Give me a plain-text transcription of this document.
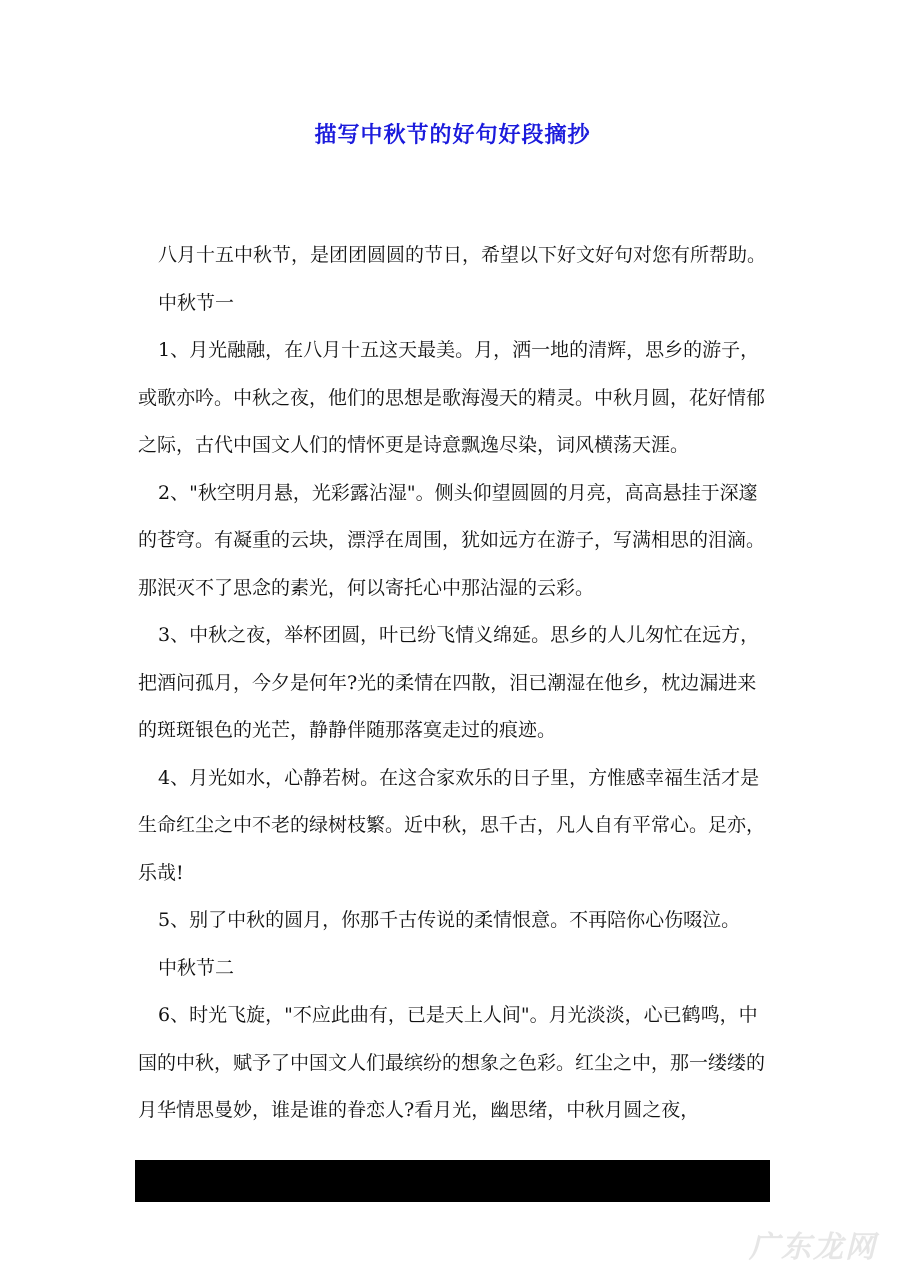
描写中秋节的好句好段摘抄

八月十五中秋节，是团团圆圆的节日，希望以下好文好句对您有所帮助。

中秋节一

1、月光融融，在八月十五这天最美。月，洒一地的清辉，思乡的游子，或歌亦吟。中秋之夜，他们的思想是歌海漫天的精灵。中秋月圆，花好情郁之际，古代中国文人们的情怀更是诗意飘逸尽染，词风横荡天涯。

2、"秋空明月悬，光彩露沾湿"。侧头仰望圆圆的月亮，高高悬挂于深邃的苍穹。有凝重的云块，漂浮在周围，犹如远方在游子，写满相思的泪滴。那泯灭不了思念的素光，何以寄托心中那沾湿的云彩。

3、中秋之夜，举杯团圆，叶已纷飞情义绵延。思乡的人儿匆忙在远方，把酒问孤月，今夕是何年?光的柔情在四散，泪已潮湿在他乡，枕边漏进来的斑斑银色的光芒，静静伴随那落寞走过的痕迹。

4、月光如水，心静若树。在这合家欢乐的日子里，方惟感幸福生活才是生命红尘之中不老的绿树枝繁。近中秋，思千古，凡人自有平常心。足亦，乐哉!

5、别了中秋的圆月，你那千古传说的柔情恨意。不再陪你心伤啜泣。

中秋节二

6、时光飞旋，"不应此曲有，已是天上人间"。月光淡淡，心已鹤鸣，中国的中秋，赋予了中国文人们最缤纷的想象之色彩。红尘之中，那一缕缕的月华情思曼妙，谁是谁的眷恋人?看月光，幽思绪，中秋月圆之夜，

第 1 页 / 总页数  4 页

广东龙网
